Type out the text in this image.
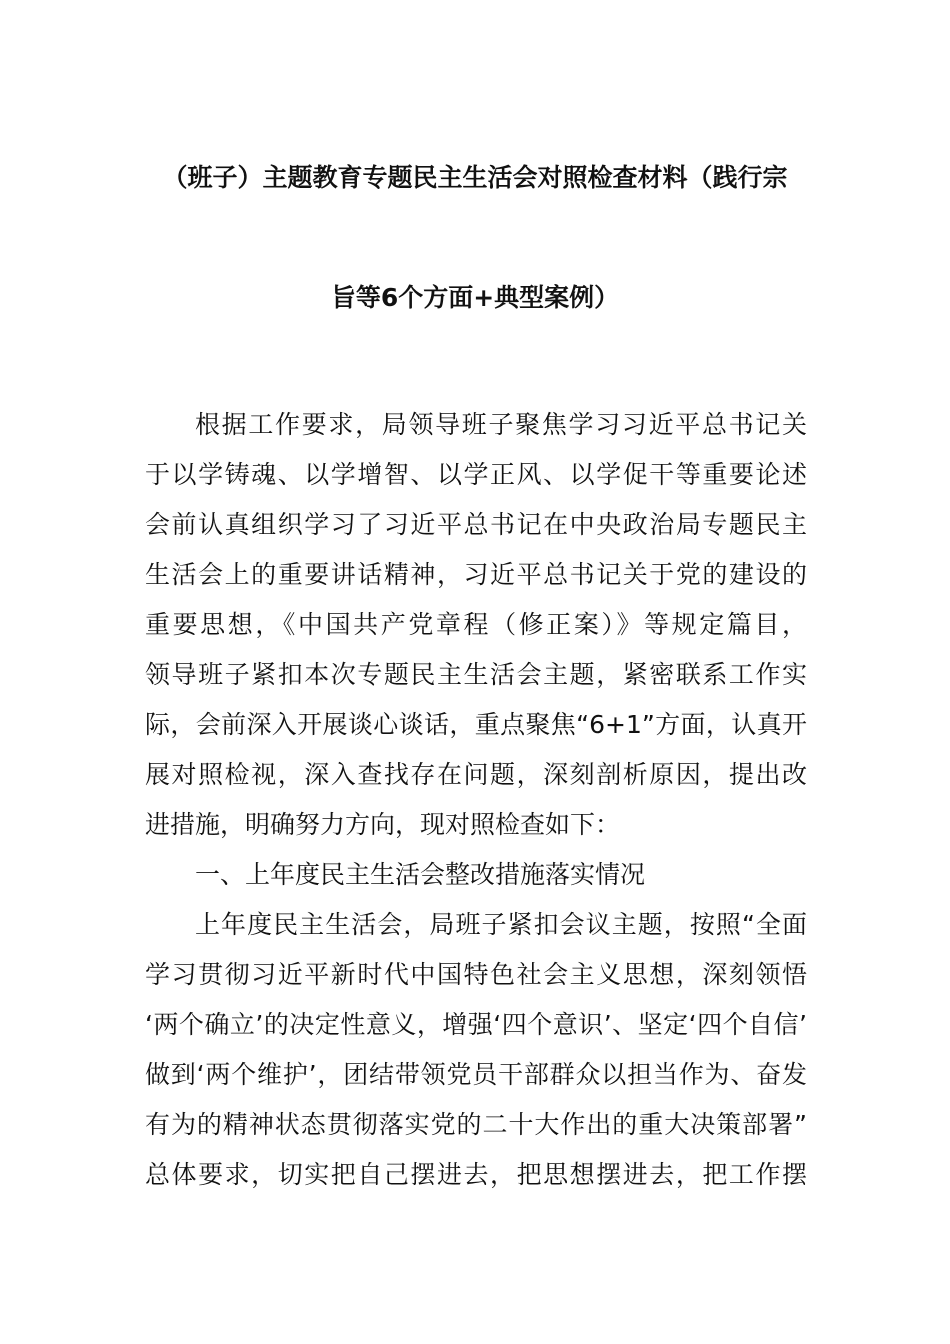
（班子）主题教育专题民主生活会对照检查材料（践行宗
旨等6个方面+典型案例）
根据工作要求，局领导班子聚焦学习习近平总书记关
于以学铸魂、以学增智、以学正风、以学促干等重要论述
会前认真组织学习了习近平总书记在中央政治局专题民主
生活会上的重要讲话精神，习近平总书记关于党的建设的
重要思想，《中国共产党章程（修正案）》等规定篇目，
领导班子紧扣本次专题民主生活会主题，紧密联系工作实
际，会前深入开展谈心谈话，重点聚焦“6+1”方面，认真开
展对照检视，深入查找存在问题，深刻剖析原因，提出改
进措施，明确努力方向，现对照检查如下：
一、上年度民主生活会整改措施落实情况
上年度民主生活会，局班子紧扣会议主题，按照“全面
学习贯彻习近平新时代中国特色社会主义思想，深刻领悟
‘两个确立’的决定性意义，增强‘四个意识’、坚定‘四个自信’
做到‘两个维护’，团结带领党员干部群众以担当作为、奋发
有为的精神状态贯彻落实党的二十大作出的重大决策部署”
总体要求，切实把自己摆进去，把思想摆进去，把工作摆
